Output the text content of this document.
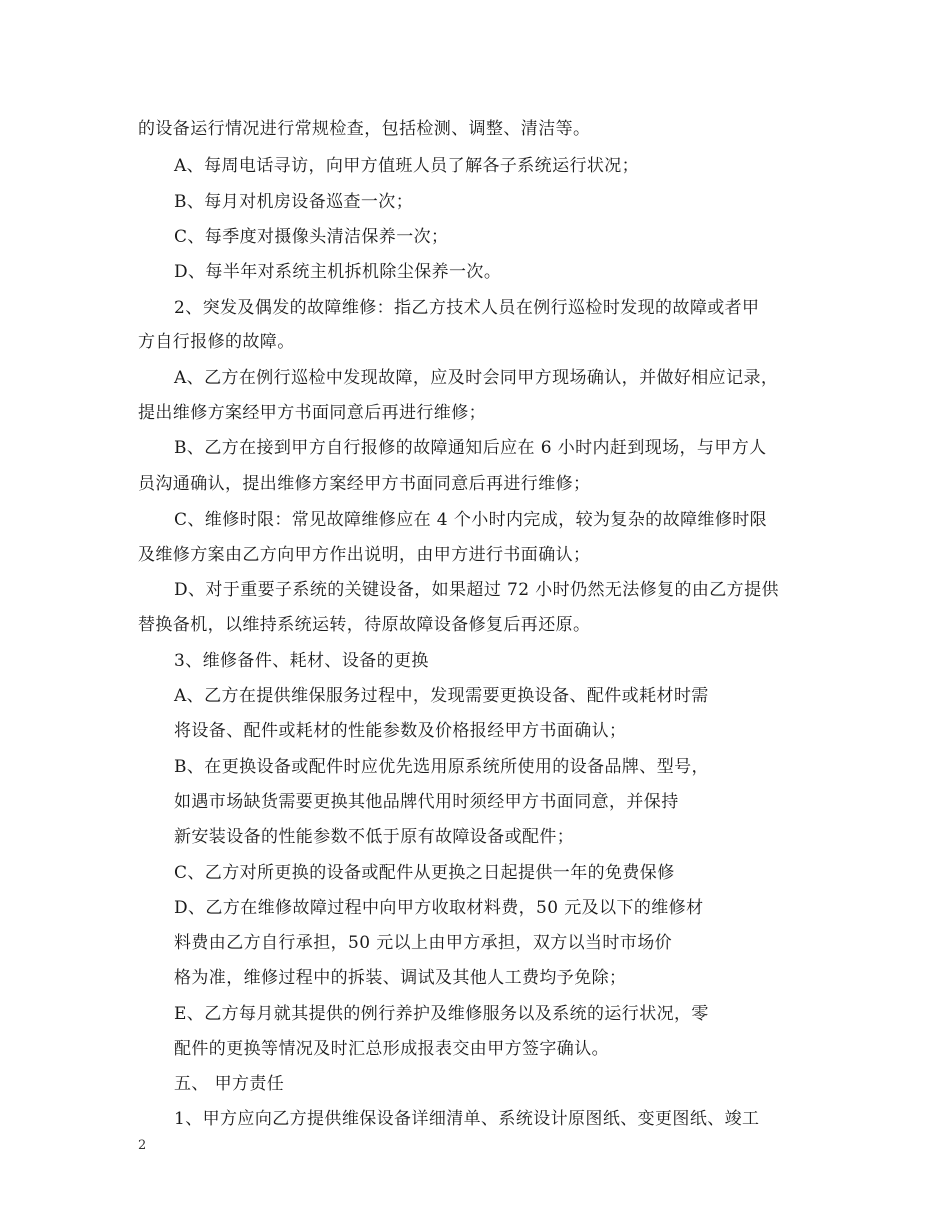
的设备运行情况进行常规检查，包括检测、调整、清洁等。
A、每周电话寻访，向甲方值班人员了解各子系统运行状况；
B、每月对机房设备巡查一次；
C、每季度对摄像头清洁保养一次；
D、每半年对系统主机拆机除尘保养一次。
2、突发及偶发的故障维修：指乙方技术人员在例行巡检时发现的故障或者甲
方自行报修的故障。
A、乙方在例行巡检中发现故障，应及时会同甲方现场确认，并做好相应记录，
提出维修方案经甲方书面同意后再进行维修；
B、乙方在接到甲方自行报修的故障通知后应在 6 小时内赶到现场，与甲方人
员沟通确认，提出维修方案经甲方书面同意后再进行维修；
C、维修时限：常见故障维修应在 4 个小时内完成，较为复杂的故障维修时限
及维修方案由乙方向甲方作出说明，由甲方进行书面确认；
D、对于重要子系统的关键设备，如果超过 72 小时仍然无法修复的由乙方提供
替换备机，以维持系统运转，待原故障设备修复后再还原。
3、维修备件、耗材、设备的更换
A、乙方在提供维保服务过程中，发现需要更换设备、配件或耗材时需
将设备、配件或耗材的性能参数及价格报经甲方书面确认；
B、在更换设备或配件时应优先选用原系统所使用的设备品牌、型号，
如遇市场缺货需要更换其他品牌代用时须经甲方书面同意，并保持
新安装设备的性能参数不低于原有故障设备或配件；
C、乙方对所更换的设备或配件从更换之日起提供一年的免费保修
D、乙方在维修故障过程中向甲方收取材料费，50 元及以下的维修材
料费由乙方自行承担，50 元以上由甲方承担，双方以当时市场价
格为准，维修过程中的拆装、调试及其他人工费均予免除；
E、乙方每月就其提供的例行养护及维修服务以及系统的运行状况，零
配件的更换等情况及时汇总形成报表交由甲方签字确认。
五、 甲方责任
1、甲方应向乙方提供维保设备详细清单、系统设计原图纸、变更图纸、竣工
2
